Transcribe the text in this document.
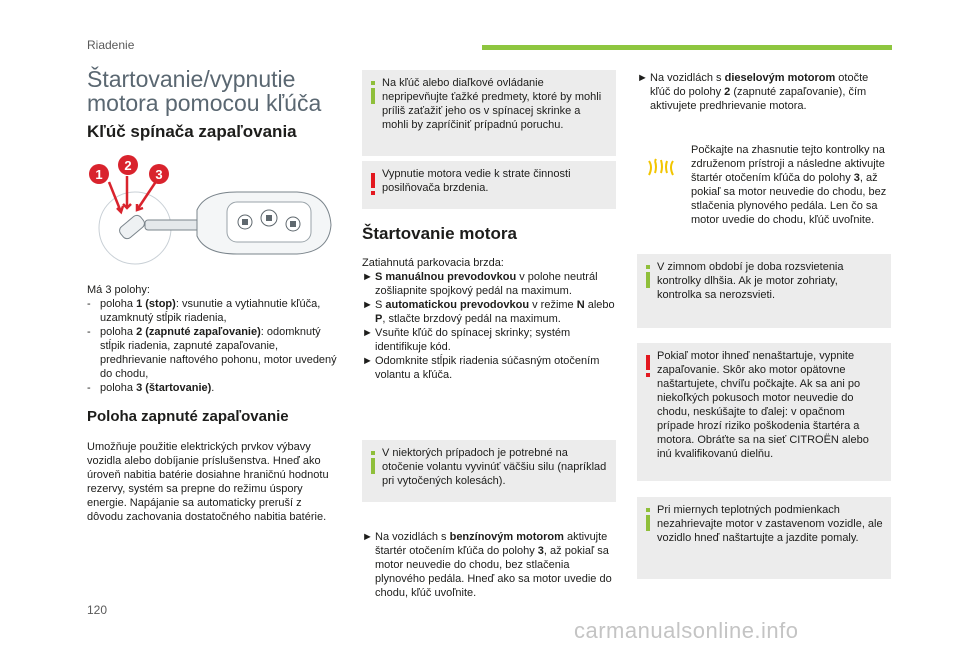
Riadenie
Štartovanie/vypnutie motora pomocou kľúča
Kľúč spínača zapaľovania
1
2
3

Má 3 polohy:

- poloha 1 (stop): vsunutie a vytiahnutie kľúča, uzamknutý stĺpik riadenia,
- poloha 2 (zapnuté zapaľovanie): odomknutý stĺpik riadenia, zapnuté zapaľovanie, predhrievanie naftového pohonu, motor uvedený do chodu,
- poloha 3 (štartovanie).
Poloha zapnuté zapaľovanie
Umožňuje použitie elektrických prvkov výbavy vozidla alebo dobíjanie príslušenstva. Hneď ako úroveň nabitia batérie dosiahne hraničnú hodnotu rezervy, systém sa prepne do režimu úspory energie. Napájanie sa automaticky preruší z dôvodu zachovania dostatočného nabitia batérie.
Na kľúč alebo diaľkové ovládanie nepripevňujte ťažké predmety, ktoré by mohli príliš zaťažiť jeho os v spínacej skrinke a mohli by zapríčiniť prípadnú poruchu.
Vypnutie motora vedie k strate činnosti posilňovača brzdenia.
Štartovanie motora

Zatiahnutá parkovacia brzda:

► S manuálnou prevodovkou v polohe neutrál zošliapnite spojkový pedál na maximum.
► S automatickou prevodovkou v režime N alebo P, stlačte brzdový pedál na maximum.
► Vsuňte kľúč do spínacej skrinky; systém identifikuje kód.
► Odomknite stĺpik riadenia súčasným otočením volantu a kľúča.
V niektorých prípadoch je potrebné na otočenie volantu vyvinúť väčšiu silu (napríklad pri vytočených kolesách).
► Na vozidlách s benzínovým motorom aktivujte štartér otočením kľúča do polohy 3, až pokiaľ sa motor neuvedie do chodu, bez stlačenia plynového pedála. Hneď ako sa motor uvedie do chodu, kľúč uvoľnite.
► Na vozidlách s dieselovým motorom otočte kľúč do polohy 2 (zapnuté zapaľovanie), čím aktivujete predhrievanie motora.
Počkajte na zhasnutie tejto kontrolky na združenom prístroji a následne aktivujte štartér otočením kľúča do polohy 3, až pokiaľ sa motor neuvedie do chodu, bez stlačenia plynového pedála. Len čo sa motor uvedie do chodu, kľúč uvoľnite.
V zimnom období je doba rozsvietenia kontrolky dlhšia. Ak je motor zohriaty, kontrolka sa nerozsvieti.
Pokiaľ motor ihneď nenaštartuje, vypnite zapaľovanie. Skôr ako motor opätovne naštartujete, chvíľu počkajte. Ak sa ani po niekoľkých pokusoch motor neuvedie do chodu, neskúšajte to ďalej: v opačnom prípade hrozí riziko poškodenia štartéra a motora. Obráťte sa na sieť CITROËN alebo inú kvalifikovanú dielňu.
Pri miernych teplotných podmienkach nezahrievajte motor v zastavenom vozidle, ale vozidlo hneď naštartujte a jazdite pomaly.
120
carmanualsonline.info
